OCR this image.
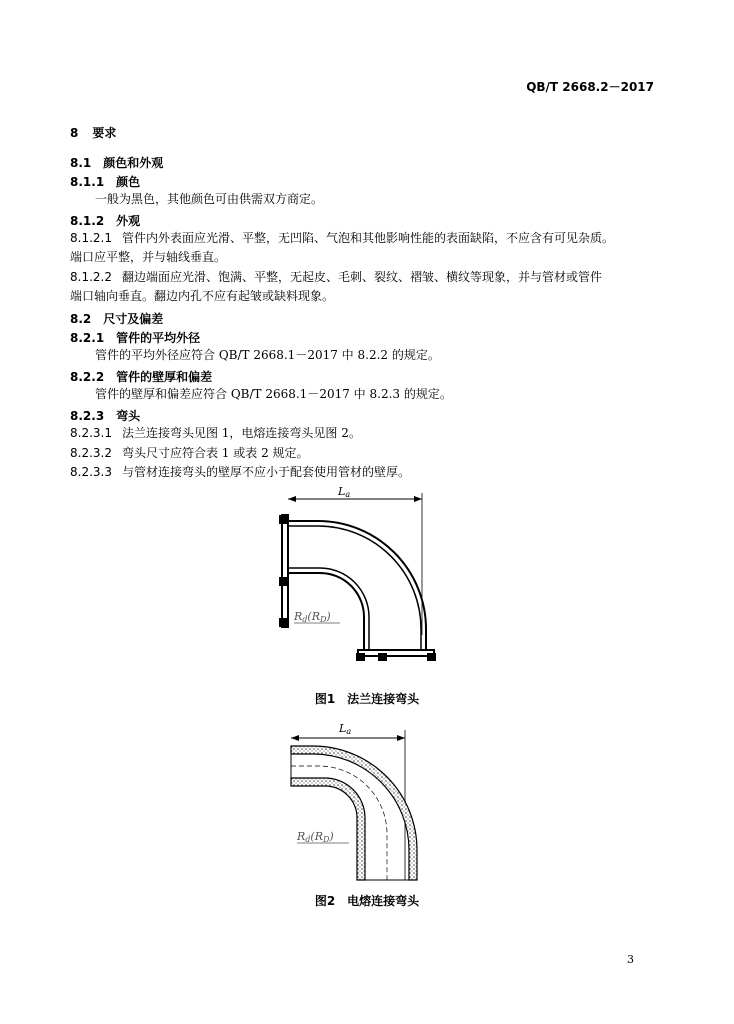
QB/T 2668.2－2017
8 要求
8.1 颜色和外观
8.1.1 颜色
一般为黑色，其他颜色可由供需双方商定。
8.1.2 外观
8.1.2.1 管件内外表面应光滑、平整，无凹陷、气泡和其他影响性能的表面缺陷，不应含有可见杂质。
端口应平整，并与轴线垂直。
8.1.2.2 翻边端面应光滑、饱满、平整，无起皮、毛刺、裂纹、褶皱、横纹等现象，并与管材或管件
端口轴向垂直。翻边内孔不应有起皱或缺料现象。
8.2 尺寸及偏差
8.2.1 管件的平均外径
管件的平均外径应符合 QB/T 2668.1－2017 中 8.2.2 的规定。
8.2.2 管件的壁厚和偏差
管件的壁厚和偏差应符合 QB/T 2668.1－2017 中 8.2.3 的规定。
8.2.3 弯头
8.2.3.1 法兰连接弯头见图 1，电熔连接弯头见图 2。
8.2.3.2 弯头尺寸应符合表 1 或表 2 规定。
8.2.3.3 与管材连接弯头的壁厚不应小于配套使用管材的壁厚。
La
Rd(RD)
图1　法兰连接弯头
La
Rd(RD)
图2　电熔连接弯头
3
